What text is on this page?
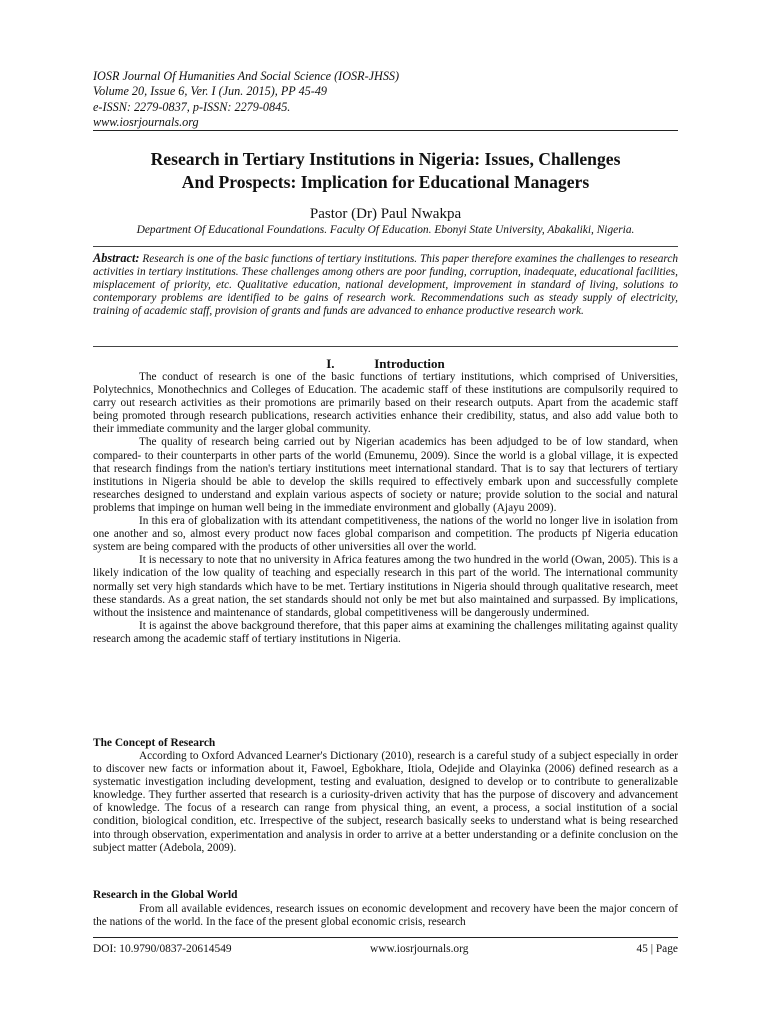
IOSR Journal Of Humanities And Social Science (IOSR-JHSS)
Volume 20, Issue 6, Ver. I (Jun. 2015), PP 45-49
e-ISSN: 2279-0837, p-ISSN: 2279-0845.
www.iosrjournals.org
Research in Tertiary Institutions in Nigeria: Issues, Challenges
And Prospects: Implication for Educational Managers
Pastor (Dr) Paul Nwakpa
Department Of Educational Foundations. Faculty Of Education. Ebonyi State University, Abakaliki, Nigeria.
Abstract: Research is one of the basic functions of tertiary institutions. This paper therefore examines the challenges to research activities in tertiary institutions. These challenges among others are poor funding, corruption, inadequate, educational facilities, misplacement of priority, etc. Qualitative education, national development, improvement in standard of living, solutions to contemporary problems are identified to be gains of research work. Recommendations such as steady supply of electricity, training of academic staff, provision of grants and funds are advanced to enhance productive research work.
I.	Introduction

The conduct of research is one of the basic functions of tertiary institutions, which comprised of Universities, Polytechnics, Monothechnics and Colleges of Education. The academic staff of these institutions are compulsorily required to carry out research activities as their promotions are primarily based on their research outputs. Apart from the academic staff being promoted through research publications, research activities enhance their credibility, status, and also add value both to their immediate community and the larger global community.

The quality of research being carried out by Nigerian academics has been adjudged to be of low standard, when compared- to their counterparts in other parts of the world (Emunemu, 2009). Since the world is a global village, it is expected that research findings from the nation's tertiary institutions meet international standard. That is to say that lecturers of tertiary institutions in Nigeria should be able to develop the skills required to effectively embark upon and successfully complete researches designed to understand and explain various aspects of society or nature; provide solution to the social and natural problems that impinge on human well being in the immediate environment and globally (Ajayu 2009).

In this era of globalization with its attendant competitiveness, the nations of the world no longer live in isolation from one another and so, almost every product now faces global comparison and competition. The products pf Nigeria education system are being compared with the products of other universities all over the world.

It is necessary to note that no university in Africa features among the two hundred in the world (Owan, 2005). This is a likely indication of the low quality of teaching and especially research in this part of the world. The international community normally set very high standards which have to be met. Tertiary institutions in Nigeria should through qualitative research, meet these standards. As a great nation, the set standards should not only be met but also maintained and surpassed. By implications, without the insistence and maintenance of standards, global competitiveness will be dangerously undermined.

It is against the above background therefore, that this paper aims at examining the challenges militating against quality research among the academic staff of tertiary institutions in Nigeria.

The Concept of Research

According to Oxford Advanced Learner's Dictionary (2010), research is a careful study of a subject especially in order to discover new facts or information about it, Fawoel, Egbokhare, Itiola, Odejide and Olayinka (2006) defined research as a systematic investigation including development, testing and evaluation, designed to develop or to contribute to generalizable knowledge. They further asserted that research is a curiosity-driven activity that has the purpose of discovery and advancement of knowledge. The focus of a research can range from physical thing, an event, a process, a social institution of a social condition, biological condition, etc. Irrespective of the subject, research basically seeks to understand what is being researched into through observation, experimentation and analysis in order to arrive at a better understanding or a definite conclusion on the subject matter (Adebola, 2009).

Research in the Global World

From all available evidences, research issues on economic development and recovery have been the major concern of the nations of the world. In the face of the present global economic crisis, research

DOI: 10.9790/0837-20614549	www.iosrjournals.org	45 | Page
